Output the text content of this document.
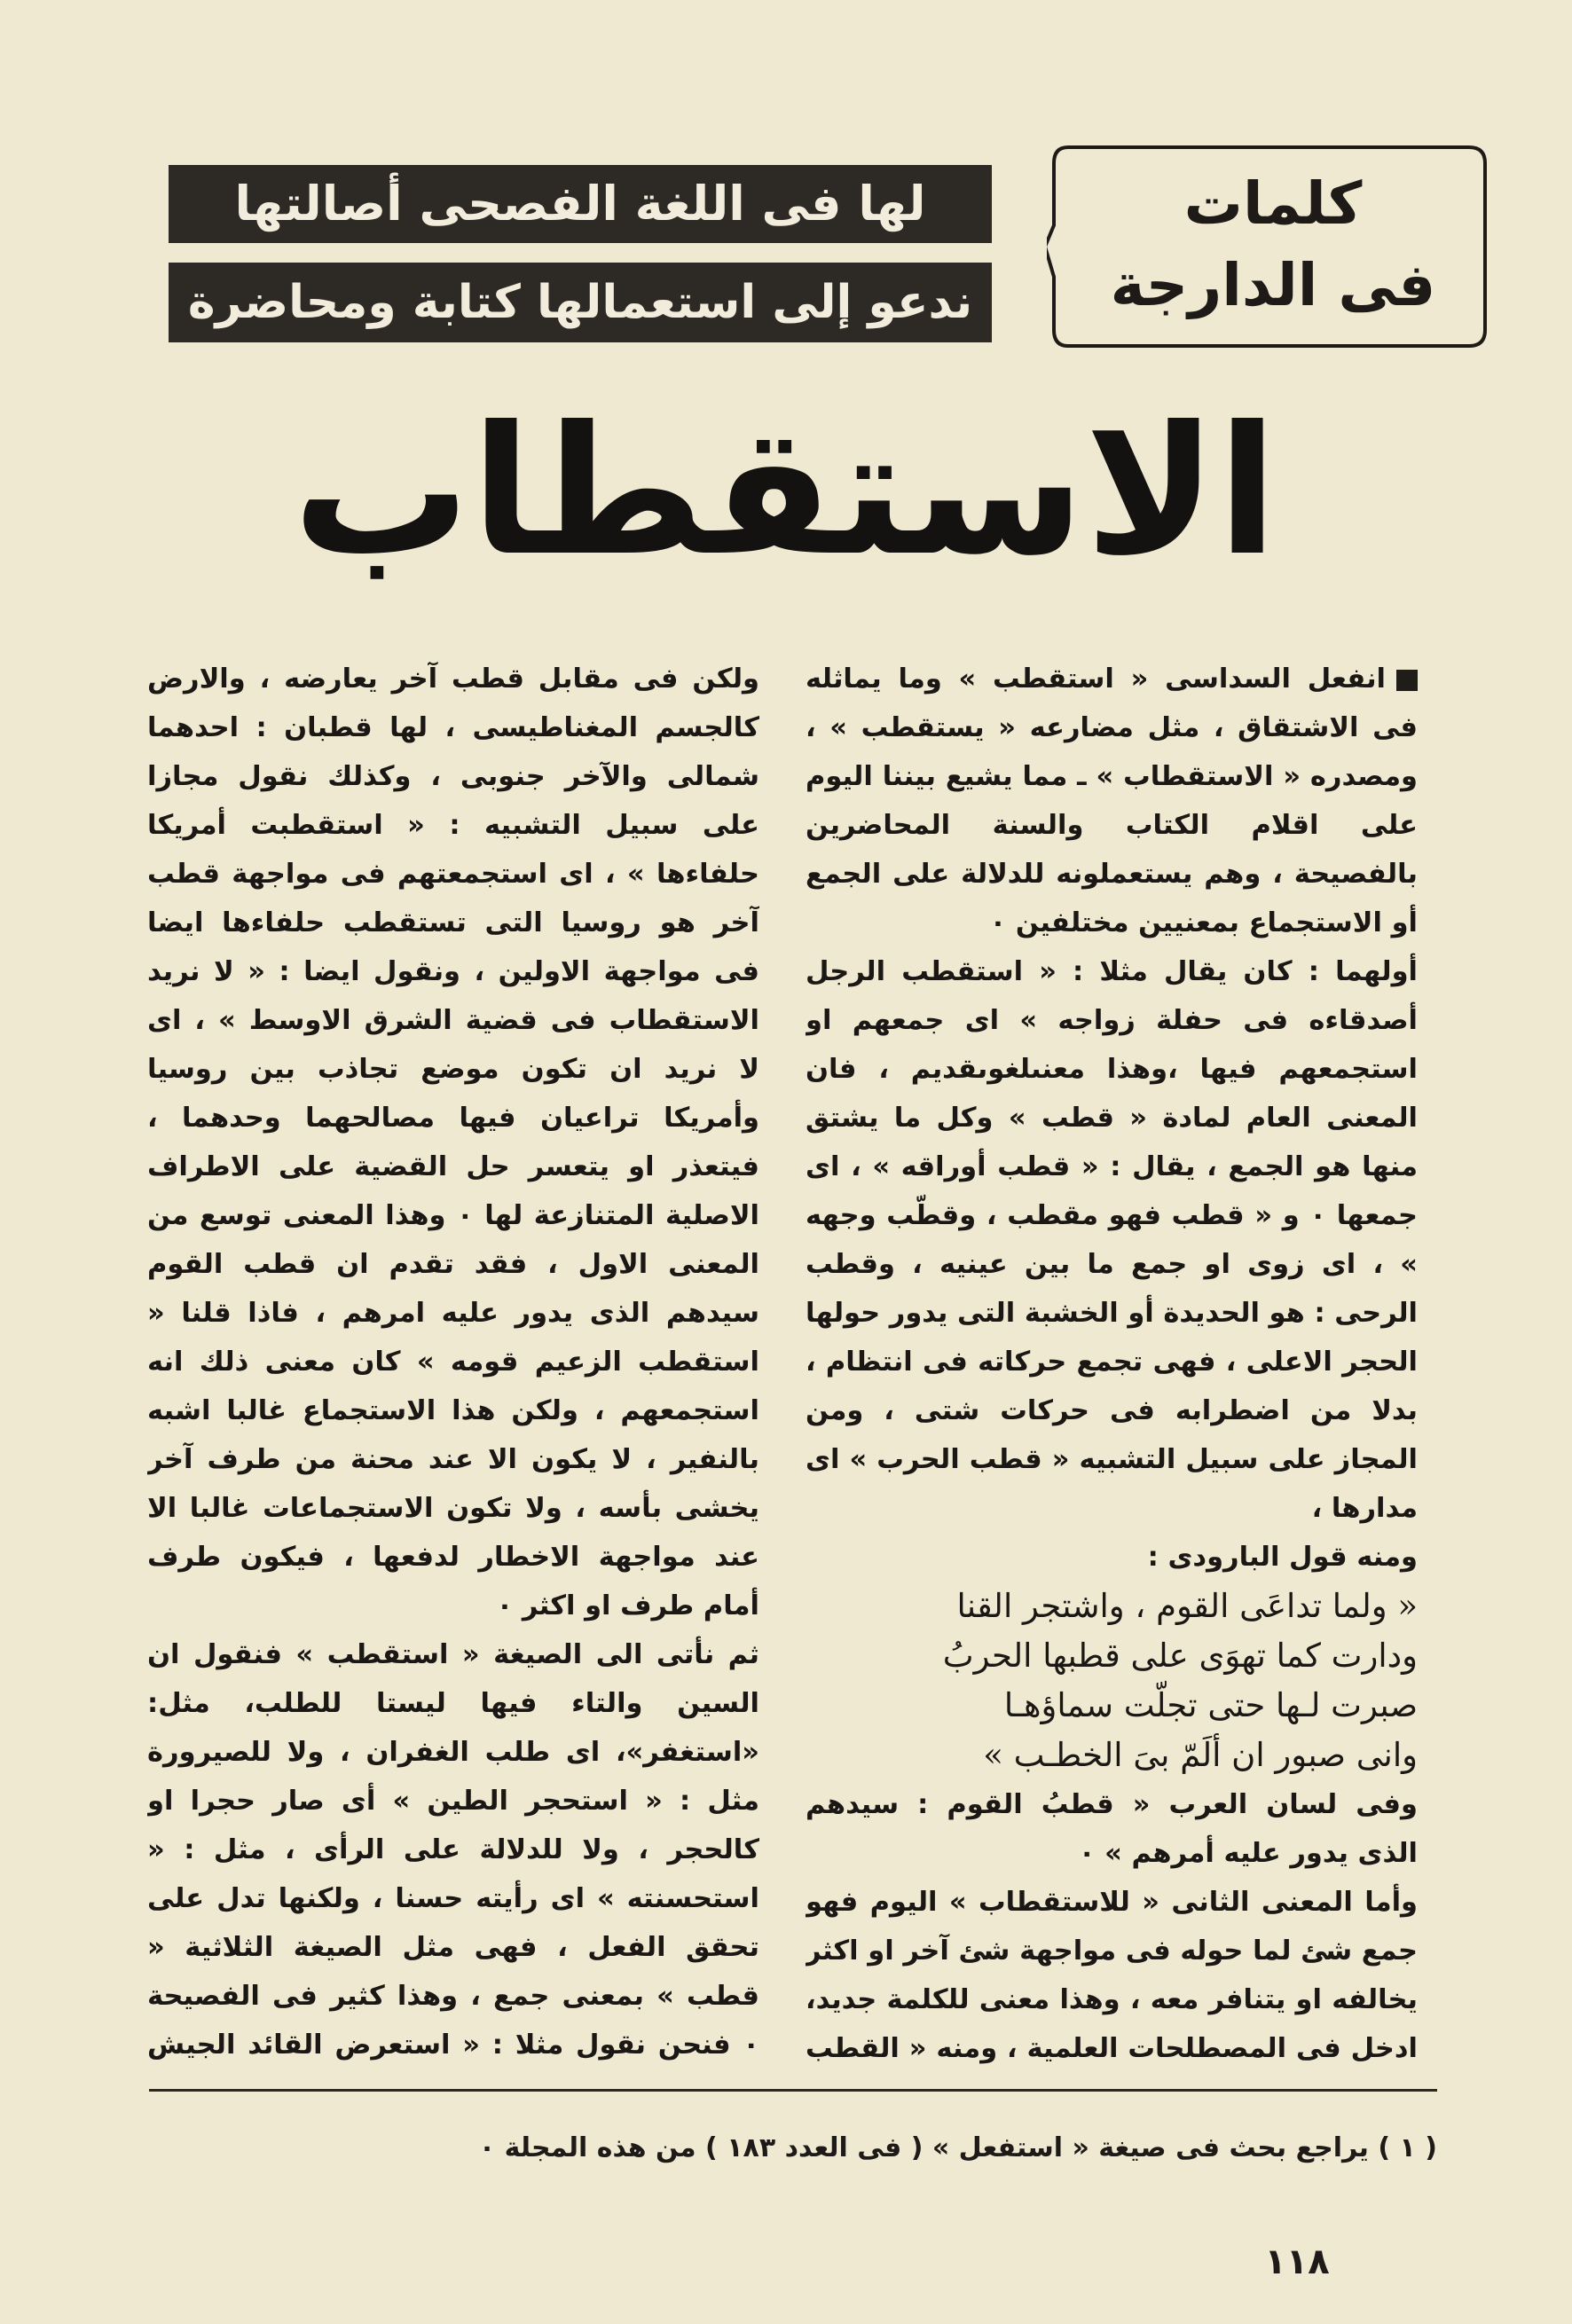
لها فى اللغة الفصحى أصالتها
ندعو إلى استعمالها كتابة ومحاضرة
كلمات
فى الدارجة
الاستقطاب

انفعل السداسى « استقطب » وما يماثله فى الاشتقاق ، مثل مضارعه « يستقطب » ، ومصدره « الاستقطاب » ـ مما يشيع بيننا اليوم على اقلام الكتاب والسنة المحاضرين بالفصيحة ، وهم يستعملونه للدلالة على الجمع أو الاستجماع بمعنيين مختلفين ٠

أولهما : كان يقال مثلا : « استقطب الرجل أصدقاءه فى حفلة زواجه » اى جمعهم او استجمعهم فيها ،وهذا معنىلغوىقديم ، فان المعنى العام لمادة « قطب » وكل ما يشتق منها هو الجمع ، يقال : « قطب أوراقه » ، اى جمعها ٠ و « قطب فهو مقطب ، وقطّب وجهه » ، اى زوى او جمع ما بين عينيه ، وقطب الرحى : هو الحديدة أو الخشبة التى يدور حولها الحجر الاعلى ، فهى تجمع حركاته فى انتظام ، بدلا من اضطرابه فى حركات شتى ، ومن المجاز على سبيل التشبيه « قطب الحرب » اى مدارها ،

ومنه قول البارودى :

« ولما تداعَى القوم ، واشتجر القنا

ودارت كما تهوَى على قطبها الحربُ

صبرت لـها حتى تجلّت سماؤهـا

وانى صبور ان ألَمّ بىَ الخطـب »

وفى لسان العرب « قطبُ القوم : سيدهم الذى يدور عليه أمرهم » ٠

وأما المعنى الثانى « للاستقطاب » اليوم فهو جمع شئ لما حوله فى مواجهة شئ آخر او اكثر يخالفه او يتنافر معه ، وهذا معنى للكلمة جديد، ادخل فى المصطلحات العلمية ، ومنه « القطب

ولكن فى مقابل قطب آخر يعارضه ، والارض كالجسم المغناطيسى ، لها قطبان : احدهما شمالى والآخر جنوبى ، وكذلك نقول مجازا على سبيل التشبيه : « استقطبت أمريكا حلفاءها » ، اى استجمعتهم فى مواجهة قطب آخر هو روسيا التى تستقطب حلفاءها ايضا فى مواجهة الاولين ، ونقول ايضا : « لا نريد الاستقطاب فى قضية الشرق الاوسط » ، اى لا نريد ان تكون موضع تجاذب بين روسيا وأمريكا تراعيان فيها مصالحهما وحدهما ، فيتعذر او يتعسر حل القضية على الاطراف الاصلية المتنازعة لها ٠ وهذا المعنى توسع من المعنى الاول ، فقد تقدم ان قطب القوم سيدهم الذى يدور عليه امرهم ، فاذا قلنا « استقطب الزعيم قومه » كان معنى ذلك انه استجمعهم ، ولكن هذا الاستجماع غالبا اشبه بالنفير ، لا يكون الا عند محنة من طرف آخر يخشى بأسه ، ولا تكون الاستجماعات غالبا الا عند مواجهة الاخطار لدفعها ، فيكون طرف أمام طرف او اكثر ٠

ثم نأتى الى الصيغة « استقطب » فنقول ان السين والتاء فيها ليستا للطلب، مثل: «استغفر»، اى طلب الغفران ، ولا للصيرورة مثل : « استحجر الطين » أى صار حجرا او كالحجر ، ولا للدلالة على الرأى ، مثل : « استحسنته » اى رأيته حسنا ، ولكنها تدل على تحقق الفعل ، فهى مثل الصيغة الثلاثية « قطب » بمعنى جمع ، وهذا كثير فى الفصيحة ٠ فنحن نقول مثلا : « استعرض القائد الجيش

( ١ ) يراجع بحث فى صيغة « استفعل » ( فى العدد ١٨٣ ) من هذه المجلة ٠
١١٨
